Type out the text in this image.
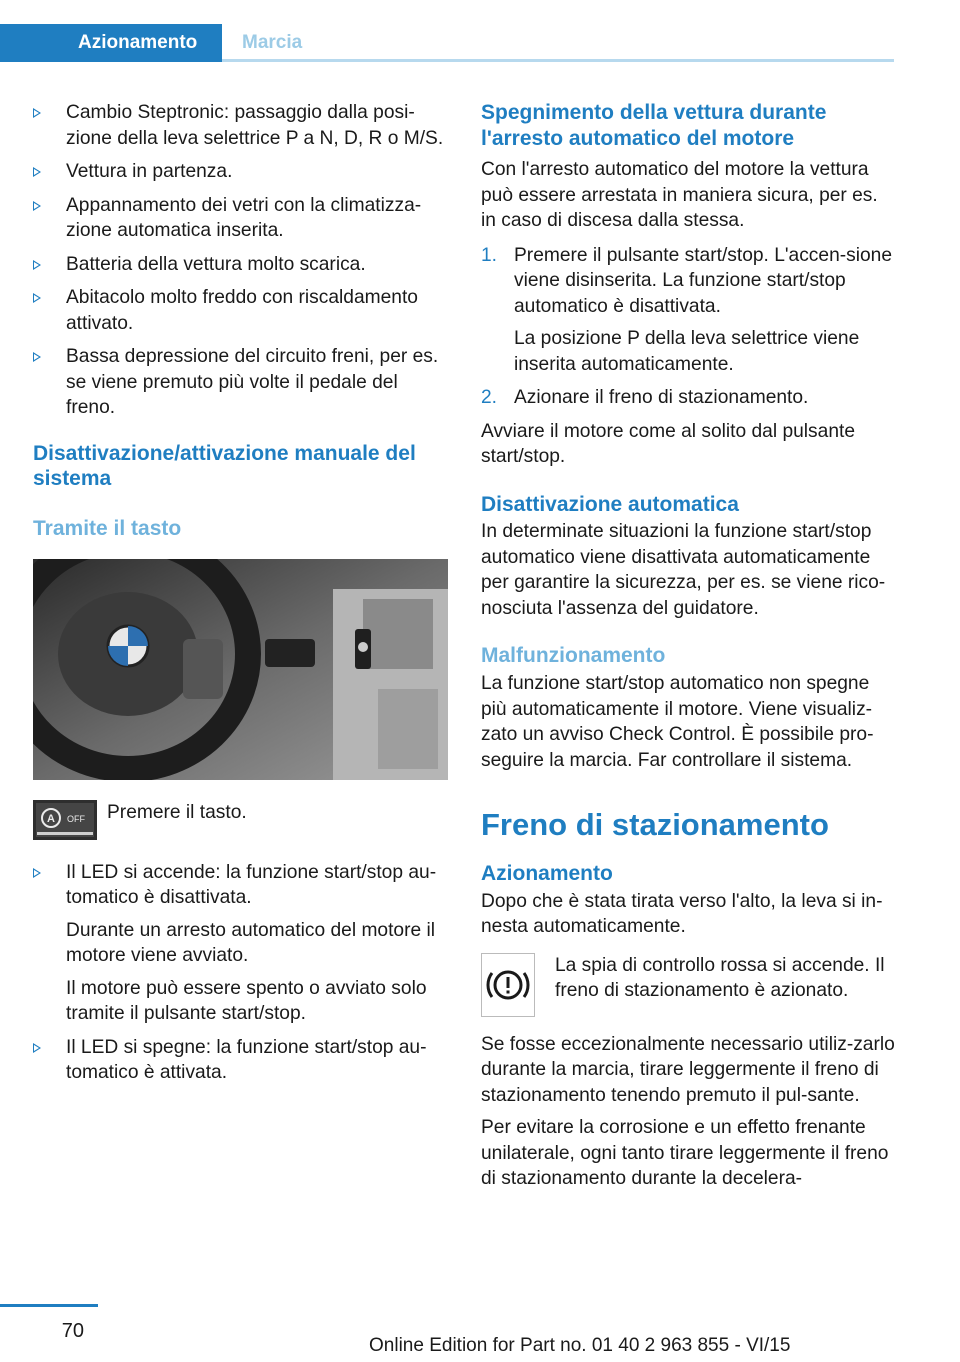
Azionamento	Marcia

Cambio Steptronic: passaggio dalla posi‐zione della leva selettrice P a N, D, R o M/S.

Vettura in partenza.

Appannamento dei vetri con la climatizza‐zione automatica inserita.

Batteria della vettura molto scarica.

Abitacolo molto freddo con riscaldamento attivato.

Bassa depressione del circuito freni, per es. se viene premuto più volte il pedale del freno.

Disattivazione/attivazione manuale del sistema
Tramite il tasto
A OFF	Premere il tasto.

Il LED si accende: la funzione start/stop au‐tomatico è disattivata.

Durante un arresto automatico del motore il motore viene avviato.

Il motore può essere spento o avviato solo tramite il pulsante start/stop.

Il LED si spegne: la funzione start/stop au‐tomatico è attivata.

Spegnimento della vettura durante l'arresto automatico del motore

Con l'arresto automatico del motore la vettura può essere arrestata in maniera sicura, per es. in caso di discesa dalla stessa.

1. Premere il pulsante start/stop. L'accen‐sione viene disinserita. La funzione start/stop automatico è disattivata.

La posizione P della leva selettrice viene inserita automaticamente.

2. Azionare il freno di stazionamento.

Avviare il motore come al solito dal pulsante start/stop.

Disattivazione automatica

In determinate situazioni la funzione start/stop automatico viene disattivata automaticamente per garantire la sicurezza, per es. se viene rico‐nosciuta l'assenza del guidatore.

Malfunzionamento

La funzione start/stop automatico non spegne più automaticamente il motore. Viene visualiz‐zato un avviso Check Control. È possibile pro‐seguire la marcia. Far controllare il sistema.

Freno di stazionamento
Azionamento

Dopo che è stata tirata verso l'alto, la leva si in‐nesta automaticamente.

La spia di controllo rossa si accende. Il freno di stazionamento è azionato.

Se fosse eccezionalmente necessario utiliz‐zarlo durante la marcia, tirare leggermente il freno di stazionamento tenendo premuto il pul‐sante.

Per evitare la corrosione e un effetto frenante unilaterale, ogni tanto tirare leggermente il freno di stazionamento durante la decelera‐

70
Online Edition for Part no. 01 40 2 963 855 - VI/15
